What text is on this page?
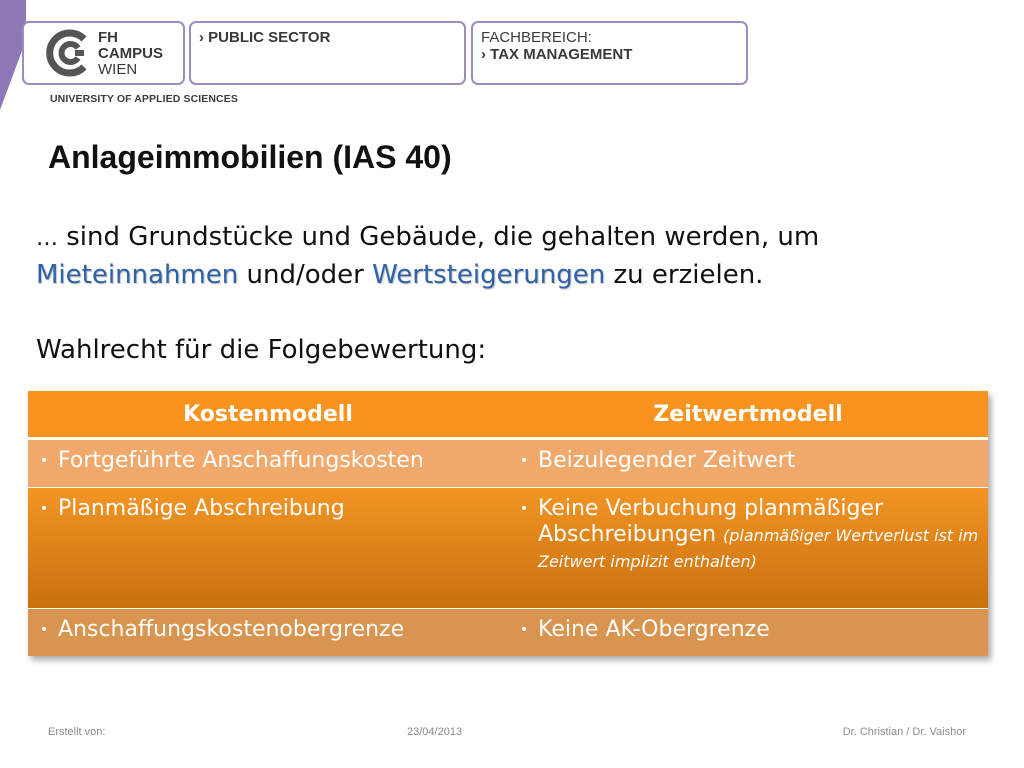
FH
CAMPUS
WIEN
› PUBLIC SECTOR	FACHBEREICH:
› TAX MANAGEMENT
UNIVERSITY OF APPLIED SCIENCES
Anlageimmobilien (IAS 40)
… sind Grundstücke und Gebäude, die gehalten werden, um Mieteinnahmen und/oder Wertsteigerungen zu erzielen.
Wahlrecht für die Folgebewertung:
Kostenmodell	Zeitwertmodell
• Fortgeführte Anschaffungskosten	• Beizulegender Zeitwert
• Planmäßige Abschreibung	• Keine Verbuchung planmäßiger Abschreibungen (planmäßiger Wertverlust ist im Zeitwert implizit enthalten)
• Anschaffungskostenobergrenze	• Keine AK-Obergrenze
Erstellt von:	23/04/2013	Dr. Christian / Dr. Vaishor
